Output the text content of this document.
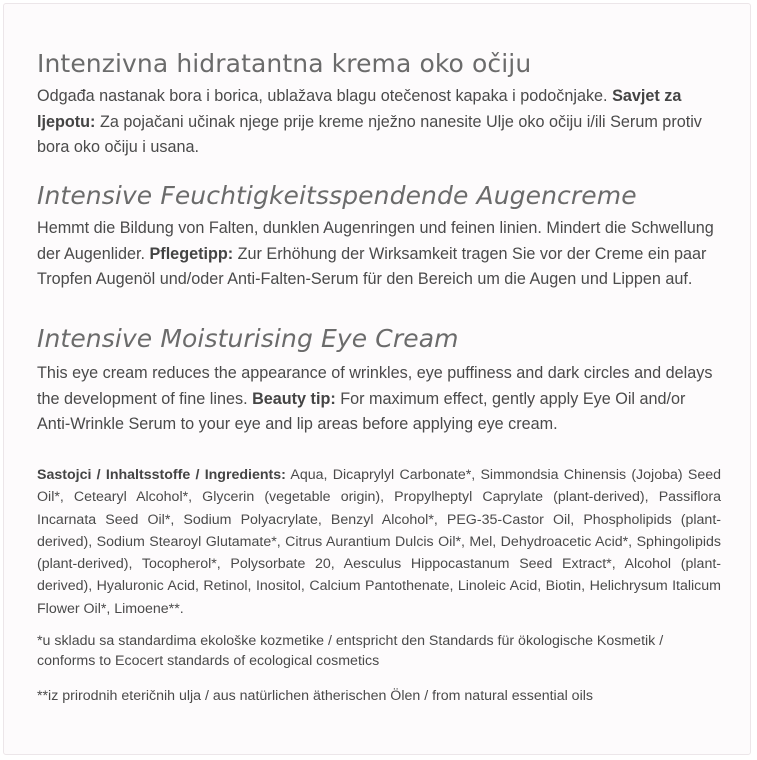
Intenzivna hidratantna krema oko očiju
Odgađa nastanak bora i borica, ublažava blagu otečenost kapaka i podočnjake. Savjet za ljepotu: Za pojačani učinak njege prije kreme nježno nanesite Ulje oko očiju i/ili Serum protiv bora oko očiju i usana.
Intensive Feuchtigkeitsspendende Augencreme
Hemmt die Bildung von Falten, dunklen Augenringen und feinen linien. Mindert die Schwellung der Augenlider. Pflegetipp: Zur Erhöhung der Wirksamkeit tragen Sie vor der Creme ein paar Tropfen Augenöl und/oder Anti-Falten-Serum für den Bereich um die Augen und Lippen auf.
Intensive Moisturising Eye Cream
This eye cream reduces the appearance of wrinkles, eye puffiness and dark circles and delays the development of fine lines. Beauty tip: For maximum effect, gently apply Eye Oil and/or Anti-Wrinkle Serum to your eye and lip areas before applying eye cream.
Sastojci / Inhaltsstoffe / Ingredients: Aqua, Dicaprylyl Carbonate*, Simmondsia Chinensis (Jojoba) Seed Oil*, Cetearyl Alcohol*, Glycerin (vegetable origin), Propylheptyl Caprylate (plant-derived), Passiflora Incarnata Seed Oil*, Sodium Polyacrylate, Benzyl Alcohol*, PEG-35-Castor Oil, Phospholipids (plant-derived), Sodium Stearoyl Glutamate*, Citrus Aurantium Dulcis Oil*, Mel, Dehydroacetic Acid*, Sphingolipids (plant-derived), Tocopherol*, Polysorbate 20, Aesculus Hippocastanum Seed Extract*, Alcohol (plant-derived), Hyaluronic Acid, Retinol, Inositol, Calcium Pantothenate, Linoleic Acid, Biotin, Helichrysum Italicum Flower Oil*, Limoene**.
*u skladu sa standardima ekološke kozmetike / entspricht den Standards für ökologische Kosmetik / conforms to Ecocert standards of ecological cosmetics
**iz prirodnih eteričnih ulja / aus natürlichen ätherischen Ölen / from natural essential oils
